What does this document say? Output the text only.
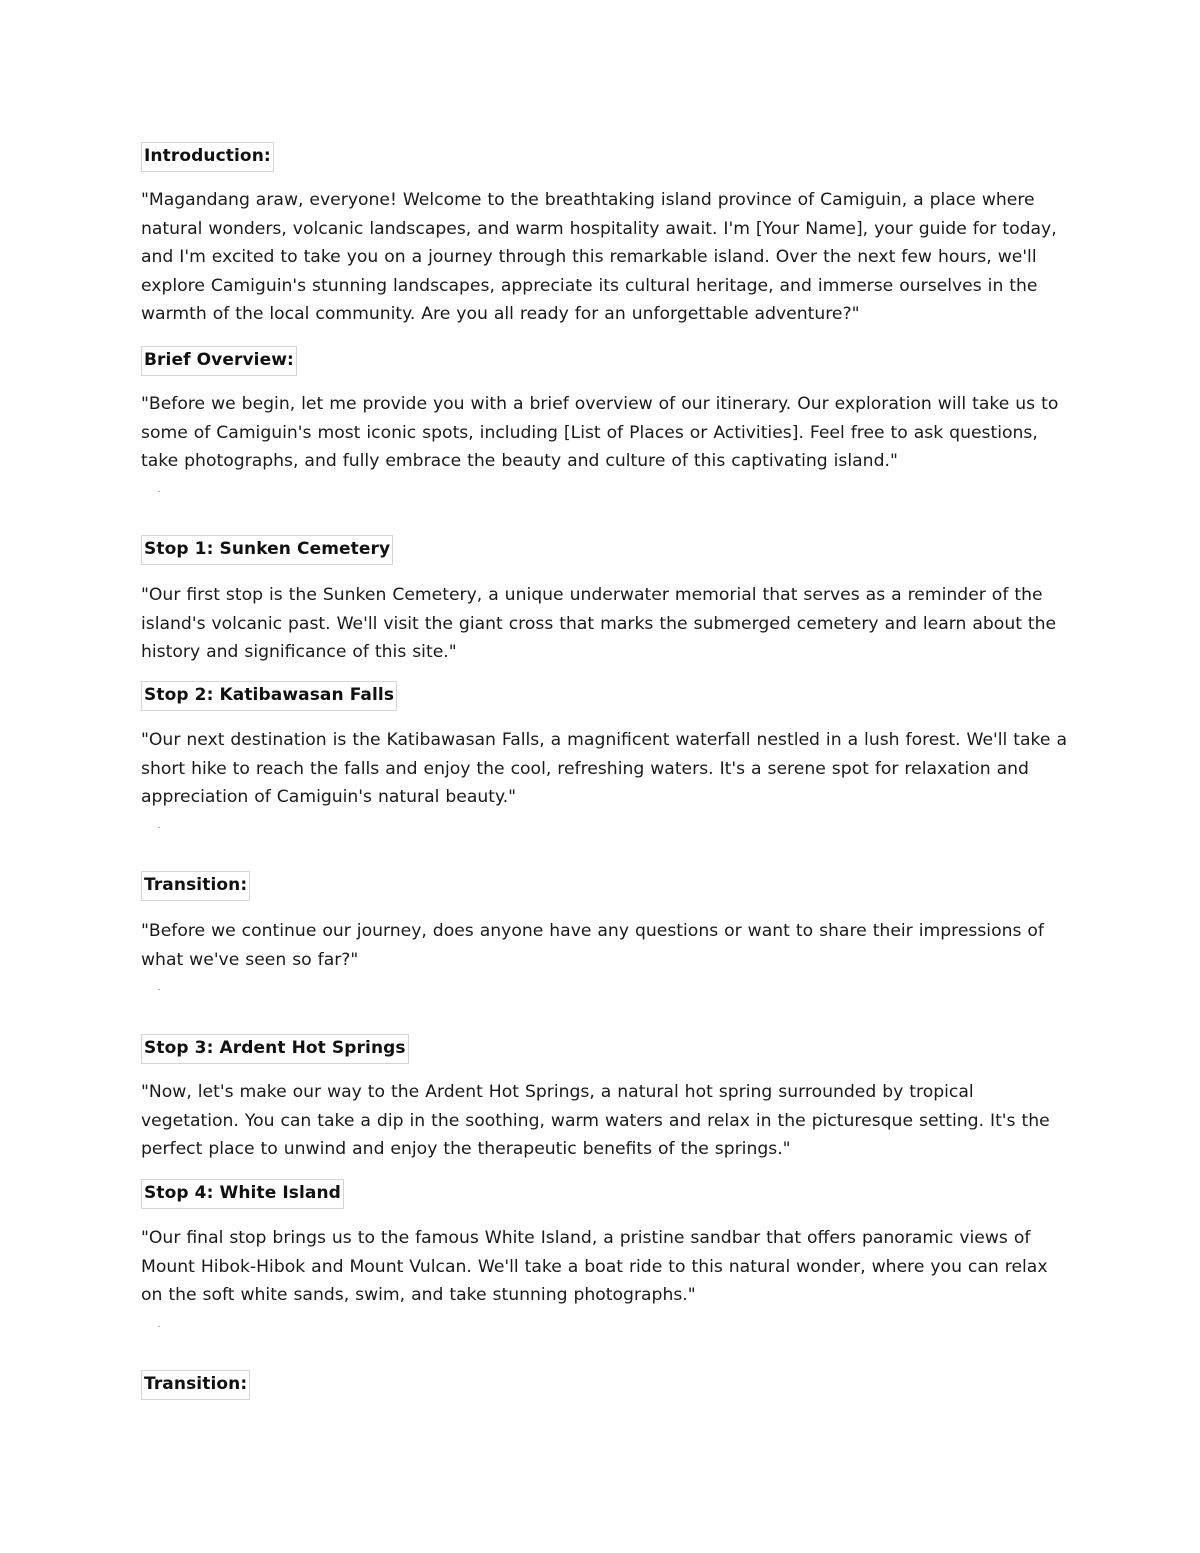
Introduction:

"Magandang araw, everyone! Welcome to the breathtaking island province of Camiguin, a place where natural wonders, volcanic landscapes, and warm hospitality await. I'm [Your Name], your guide for today, and I'm excited to take you on a journey through this remarkable island. Over the next few hours, we'll explore Camiguin's stunning landscapes, appreciate its cultural heritage, and immerse ourselves in the warmth of the local community. Are you all ready for an unforgettable adventure?"

Brief Overview:

"Before we begin, let me provide you with a brief overview of our itinerary. Our exploration will take us to some of Camiguin's most iconic spots, including [List of Places or Activities]. Feel free to ask questions, take photographs, and fully embrace the beauty and culture of this captivating island."

Stop 1: Sunken Cemetery

"Our first stop is the Sunken Cemetery, a unique underwater memorial that serves as a reminder of the island's volcanic past. We'll visit the giant cross that marks the submerged cemetery and learn about the history and significance of this site."

Stop 2: Katibawasan Falls

"Our next destination is the Katibawasan Falls, a magnificent waterfall nestled in a lush forest. We'll take a short hike to reach the falls and enjoy the cool, refreshing waters. It's a serene spot for relaxation and appreciation of Camiguin's natural beauty."

Transition:

"Before we continue our journey, does anyone have any questions or want to share their impressions of what we've seen so far?"

Stop 3: Ardent Hot Springs

"Now, let's make our way to the Ardent Hot Springs, a natural hot spring surrounded by tropical vegetation. You can take a dip in the soothing, warm waters and relax in the picturesque setting. It's the perfect place to unwind and enjoy the therapeutic benefits of the springs."

Stop 4: White Island

"Our final stop brings us to the famous White Island, a pristine sandbar that offers panoramic views of Mount Hibok-Hibok and Mount Vulcan. We'll take a boat ride to this natural wonder, where you can relax on the soft white sands, swim, and take stunning photographs."

Transition:
